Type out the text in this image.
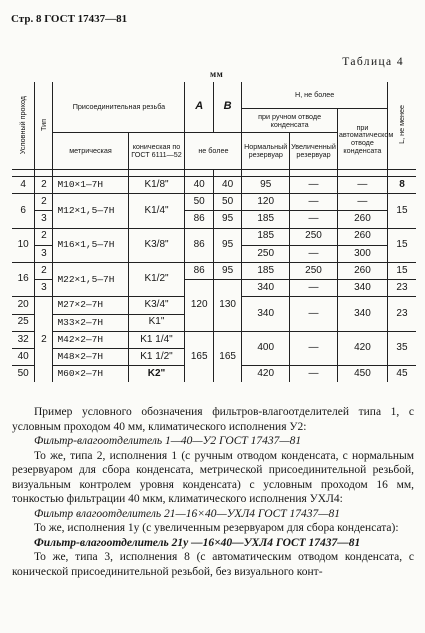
Стр. 8 ГОСТ 17437—81
Таблица 4
мм
Условный проход	Тип	Присоединительная резьба		А	В	Н, не более			L, не менее
						при ручном отводе конденсата		при автоматическом отводе конденсата	
		метрическая	коническая по ГОСТ 6111—52	не более		Нормальный резервуар	Увеличенный резервуар		

4	2	M10×1—7H	K1/8"	40	40	95	—	—	8
6	2	M12×1,5—7H	K1/4"	50	50	120	—	—	15
	3			86	95	185	—	260	
10	2	M16×1,5—7H	K3/8"	86	95	185	250	260	15
	3					250	—	300	
16	2	M22×1,5—7H	K1/2"	86	95	185	250	260	15
	3			120	130	340	—	340	23
20	2	M27×2—7H	K3/4"			340	—	340	23
25		M33×2—7H	K1"						
32		M42×2—7H	K1 1/4"	165	165	400	—	420	35
40		M48×2—7H	K1 1/2"						
50		M60×2—7H	K2"			420	—	450	45

Пример условного обозначения фильтров-влагоотделителей типа 1, с условным проходом 40 мм, климатического исполнения У2:

Фильтр-влагоотделитель 1—40—У2 ГОСТ 17437—81

То же, типа 2, исполнения 1 (с ручным отводом конденсата, с нормальным резервуаром для сбора конденсата, метрической присоединительной резьбой, визуальным контролем уровня конденсата) с условным проходом 16 мм, тонкостью фильтрации 40 мкм, климатического исполнения УХЛ4:

Фильтр влагоотделитель 21—16×40—УХЛ4 ГОСТ 17437—81

То же, исполнения 1у (с увеличенным резервуаром для сбора конденсата):

Фильтр-влагоотделитель 21у —16×40—УХЛ4 ГОСТ 17437—81

То же, типа 3, исполнения 8 (с автоматическим отводом конденсата, с конической присоединительной резьбой, без визуального конт-
